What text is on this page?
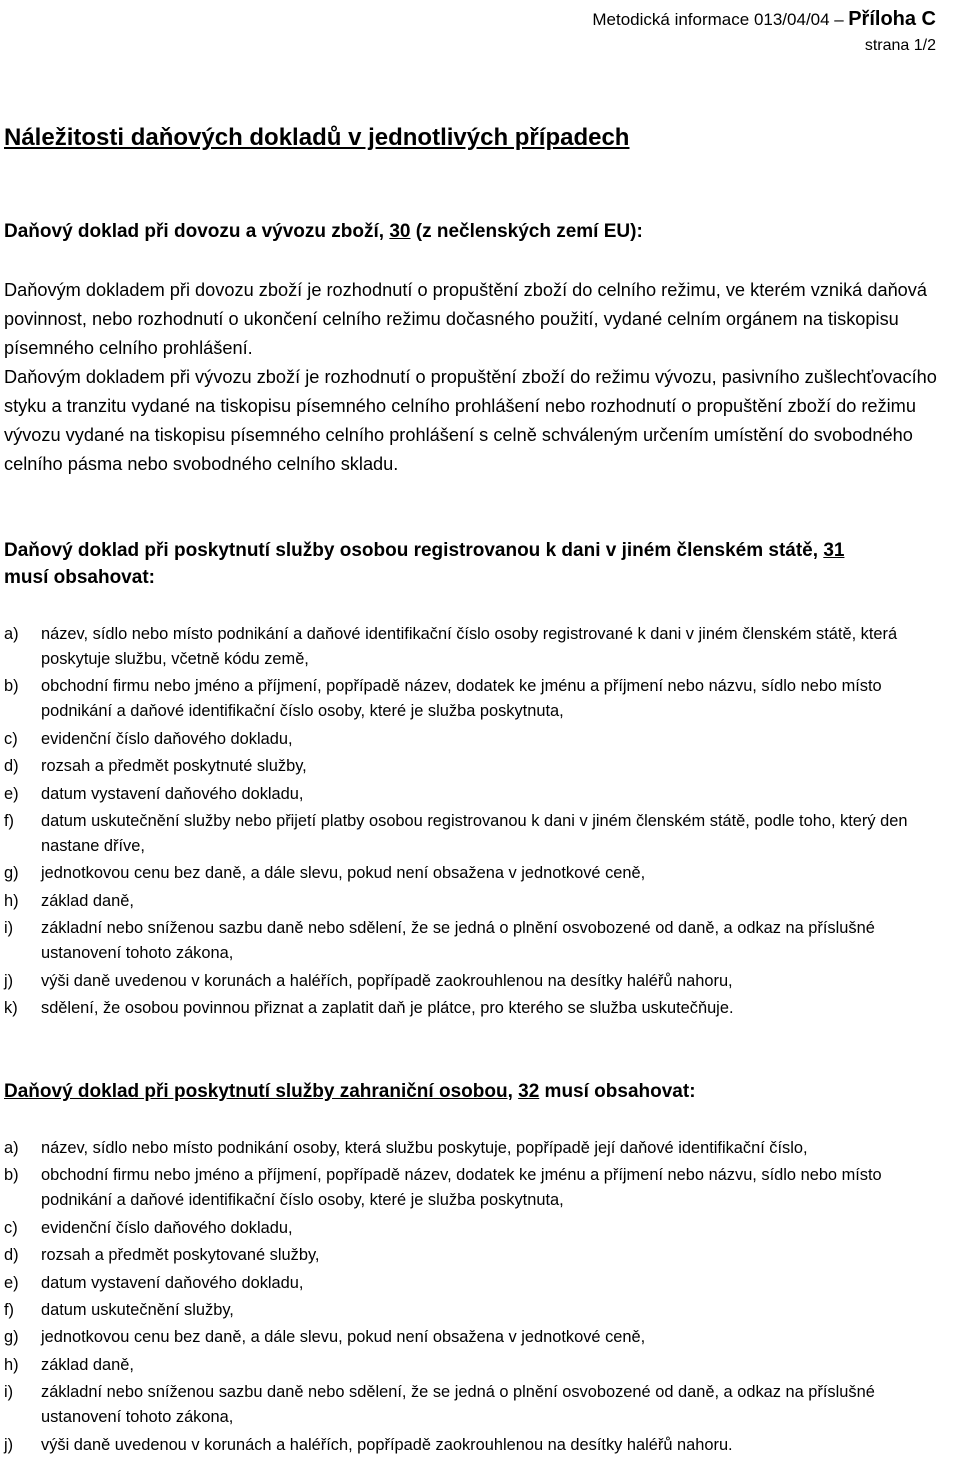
Metodická informace 013/04/04 – Příloha C
strana 1/2
Náležitosti daňových dokladů v jednotlivých případech
Daňový doklad při dovozu a vývozu zboží, 30 (z nečlenských zemí EU):

Daňovým dokladem při dovozu zboží je rozhodnutí o propuštění zboží do celního režimu, ve kterém vzniká daňová povinnost, nebo rozhodnutí o ukončení celního režimu dočasného použití, vydané celním orgánem na tiskopisu písemného celního prohlášení.

Daňovým dokladem při vývozu zboží je rozhodnutí o propuštění zboží do režimu vývozu, pasivního zušlechťovacího styku a tranzitu vydané na tiskopisu písemného celního prohlášení nebo rozhodnutí o propuštění zboží do režimu vývozu vydané na tiskopisu písemného celního prohlášení s celně schváleným určením umístění do svobodného celního pásma nebo svobodného celního skladu.

Daňový doklad při poskytnutí služby osobou registrovanou k dani v jiném členském státě, 31
musí obsahovat:
a) název, sídlo nebo místo podnikání a daňové identifikační číslo osoby registrované k dani v jiném členském státě, která poskytuje službu, včetně kódu země,
b) obchodní firmu nebo jméno a příjmení, popřípadě název, dodatek ke jménu a příjmení nebo názvu, sídlo nebo místo podnikání a daňové identifikační číslo osoby, které je služba poskytnuta,
c) evidenční číslo daňového dokladu,
d) rozsah a předmět poskytnuté služby,
e) datum vystavení daňového dokladu,
f) datum uskutečnění služby nebo přijetí platby osobou registrovanou k dani v jiném členském státě, podle toho, který den nastane dříve,
g) jednotkovou cenu bez daně, a dále slevu, pokud není obsažena v jednotkové ceně,
h) základ daně,
i) základní nebo sníženou sazbu daně nebo sdělení, že se jedná o plnění osvobozené od daně, a odkaz na příslušné ustanovení tohoto zákona,
j) výši daně uvedenou v korunách a haléřích, popřípadě zaokrouhlenou na desítky haléřů nahoru,
k) sdělení, že osobou povinnou přiznat a zaplatit daň je plátce, pro kterého se služba uskutečňuje.
Daňový doklad při poskytnutí služby zahraniční osobou, 32 musí obsahovat:
a) název, sídlo nebo místo podnikání osoby, která službu poskytuje, popřípadě její daňové identifikační číslo,
b) obchodní firmu nebo jméno a příjmení, popřípadě název, dodatek ke jménu a příjmení nebo názvu, sídlo nebo místo podnikání a daňové identifikační číslo osoby, které je služba poskytnuta,
c) evidenční číslo daňového dokladu,
d) rozsah a předmět poskytované služby,
e) datum vystavení daňového dokladu,
f) datum uskutečnění služby,
g) jednotkovou cenu bez daně, a dále slevu, pokud není obsažena v jednotkové ceně,
h) základ daně,
i) základní nebo sníženou sazbu daně nebo sdělení, že se jedná o plnění osvobozené od daně, a odkaz na příslušné ustanovení tohoto zákona,
j) výši daně uvedenou v korunách a haléřích, popřípadě zaokrouhlenou na desítky haléřů nahoru.
